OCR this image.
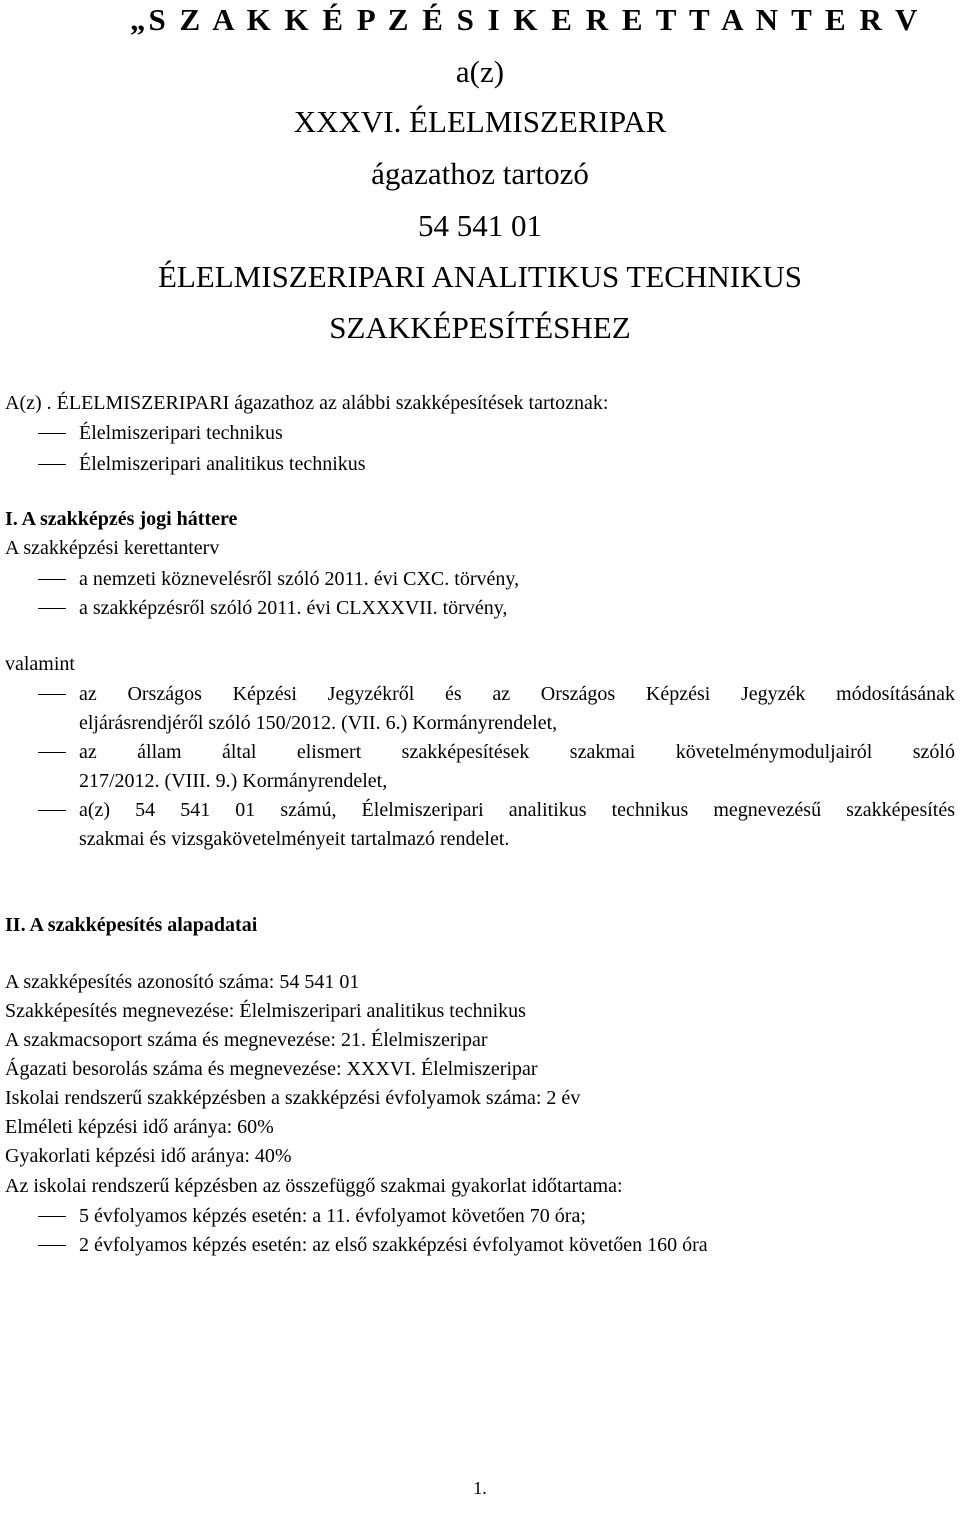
„S Z A K K É P Z É S I K E R E T T A N T E R V
a(z)
XXXVI. ÉLELMISZERIPAR
ágazathoz tartozó
54 541 01
ÉLELMISZERIPARI ANALITIKUS TECHNIKUS
SZAKKÉPESÍTÉSHEZ
A(z) . ÉLELMISZERIPARI ágazathoz az alábbi szakképesítések tartoznak:
Élelmiszeripari technikus
Élelmiszeripari analitikus technikus
I. A szakképzés jogi háttere
A szakképzési kerettanterv
a nemzeti köznevelésről szóló 2011. évi CXC. törvény,
a szakképzésről szóló 2011. évi CLXXXVII. törvény,
valamint
az Országos Képzési Jegyzékről és az Országos Képzési Jegyzék módosításának
eljárásrendjéről szóló 150/2012. (VII. 6.) Kormányrendelet,
az állam által elismert szakképesítések szakmai követelménymoduljairól szóló
217/2012. (VIII. 9.) Kormányrendelet,
a(z) 54 541 01 számú, Élelmiszeripari analitikus technikus megnevezésű szakképesítés
szakmai és vizsgakövetelményeit tartalmazó rendelet.
II. A szakképesítés alapadatai
A szakképesítés azonosító száma: 54 541 01
Szakképesítés megnevezése: Élelmiszeripari analitikus technikus
A szakmacsoport száma és megnevezése: 21. Élelmiszeripar
Ágazati besorolás száma és megnevezése: XXXVI. Élelmiszeripar
Iskolai rendszerű szakképzésben a szakképzési évfolyamok száma: 2 év
Elméleti képzési idő aránya: 60%
Gyakorlati képzési idő aránya: 40%
Az iskolai rendszerű képzésben az összefüggő szakmai gyakorlat időtartama:
5 évfolyamos képzés esetén: a 11. évfolyamot követően 70 óra;
2 évfolyamos képzés esetén: az első szakképzési évfolyamot követően 160 óra
1.
